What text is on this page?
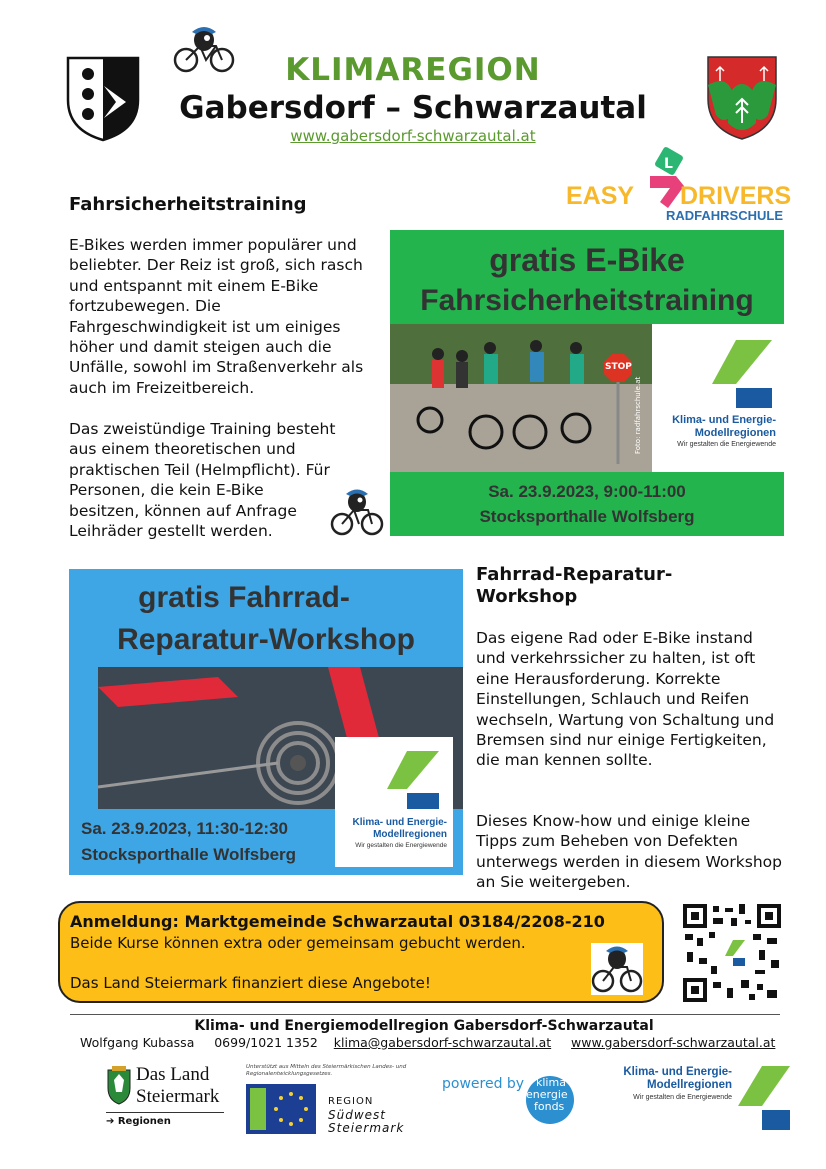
KLIMAREGION
Gabersdorf – Schwarzautal
www.gabersdorf-schwarzautal.at
Fahrsicherheitstraining
E-Bikes werden immer populärer und beliebter. Der Reiz ist groß, sich rasch und entspannt mit einem E-Bike fortzubewegen. Die Fahrgeschwindigkeit ist um einiges höher und damit steigen auch die Unfälle, sowohl im Straßenverkehr als auch im Freizeitbereich.
Das zweistündige Training besteht aus einem theoretischen und praktischen Teil (Helmpflicht). Für Personen, die kein E-Bike besitzen, können auf Anfrage Leihräder gestellt werden.
L
EASY DRIVERS
RADFAHRSCHULE
gratis E-Bike
Fahrsicherheitstraining
STOP
Foto: radfahrschule.at	Klima- und Energie-
Modellregionen
Wir gestalten die Energiewende
Sa. 23.9.2023, 9:00-11:00
Stocksporthalle Wolfsberg
gratis Fahrrad-
Reparatur-Workshop
Klima- und Energie-
Modellregionen
Wir gestalten die Energiewende
Sa. 23.9.2023, 11:30-12:30
Stocksporthalle Wolfsberg
Fahrrad-Reparatur-
Workshop
Das eigene Rad oder E-Bike instand und verkehrssicher zu halten, ist oft eine Herausforderung. Korrekte Einstellungen, Schlauch und Reifen wechseln, Wartung von Schaltung und Bremsen sind nur einige Fertigkeiten, die man kennen sollte.
Dieses Know-how und einige kleine Tipps zum Beheben von Defekten unterwegs werden in diesem Workshop an Sie weitergeben.
Anmeldung: Marktgemeinde Schwarzautal 03184/2208-210
Beide Kurse können extra oder gemeinsam gebucht werden.
Das Land Steiermark finanziert diese Angebote!
Klima- und Energiemodellregion Gabersdorf-Schwarzautal
Wolfgang Kubassa 0699/1021 1352 klima@gabersdorf-schwarzautal.at www.gabersdorf-schwarzautal.at
Das Land
Steiermark
➔ Regionen
Unterstützt aus Mitteln des Steiermärkischen Landes- und Regionalentwicklungsgesetzes.
REGION
Südwest
Steiermark
powered by klima+
energie
fonds
Klima- und Energie-
Modellregionen
Wir gestalten die Energiewende
